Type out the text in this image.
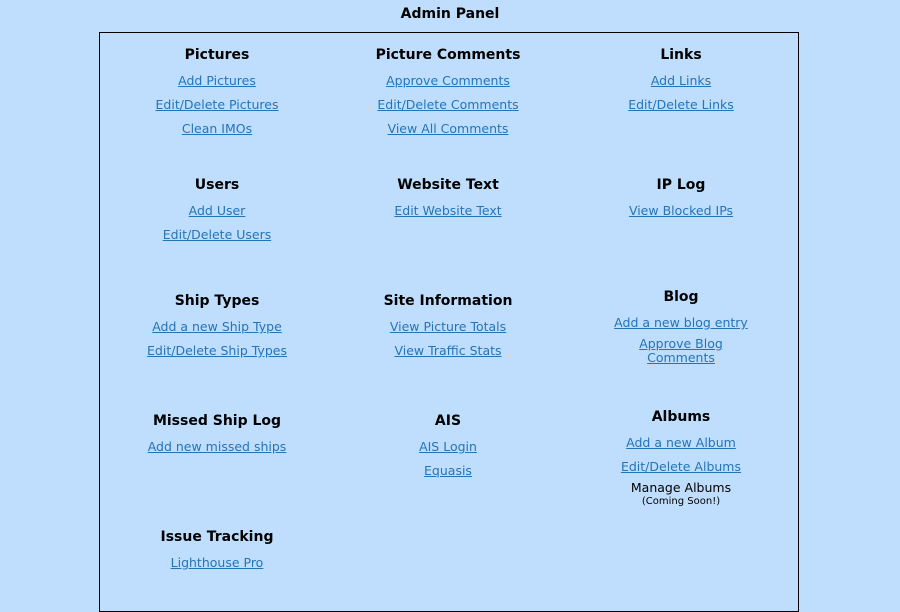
Admin Panel
Pictures
Add Pictures
Edit/Delete Pictures
Clean IMOs
Picture Comments
Approve Comments
Edit/Delete Comments
View All Comments
Links
Add Links
Edit/Delete Links
Users
Add User
Edit/Delete Users
Website Text
Edit Website Text
IP Log
View Blocked IPs
Ship Types
Add a new Ship Type
Edit/Delete Ship Types
Site Information
View Picture Totals
View Traffic Stats
Blog
Add a new blog entry
Approve Blog Comments
Missed Ship Log
Add new missed ships
AIS
AIS Login
Equasis
Albums
Add a new Album
Edit/Delete Albums
Manage Albums
(Coming Soon!)
Issue Tracking
Lighthouse Pro
